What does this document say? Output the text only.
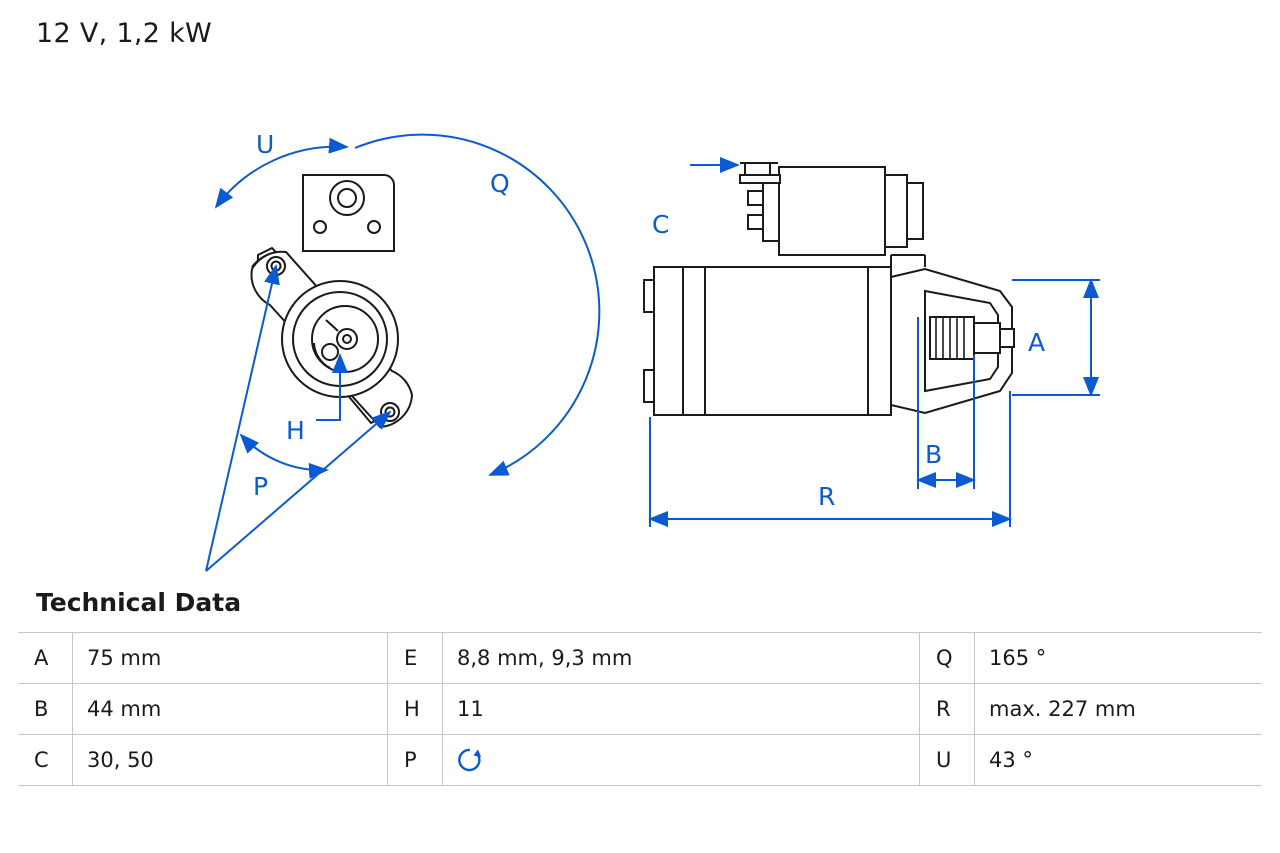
12 V, 1,2 kW
U
Q
H
P
C
A
B
R
Technical Data
A	75 mm	E	8,8 mm, 9,3 mm	Q	165 °
B	44 mm	H	11	R	max. 227 mm
C	30, 50	P		U	43 °
